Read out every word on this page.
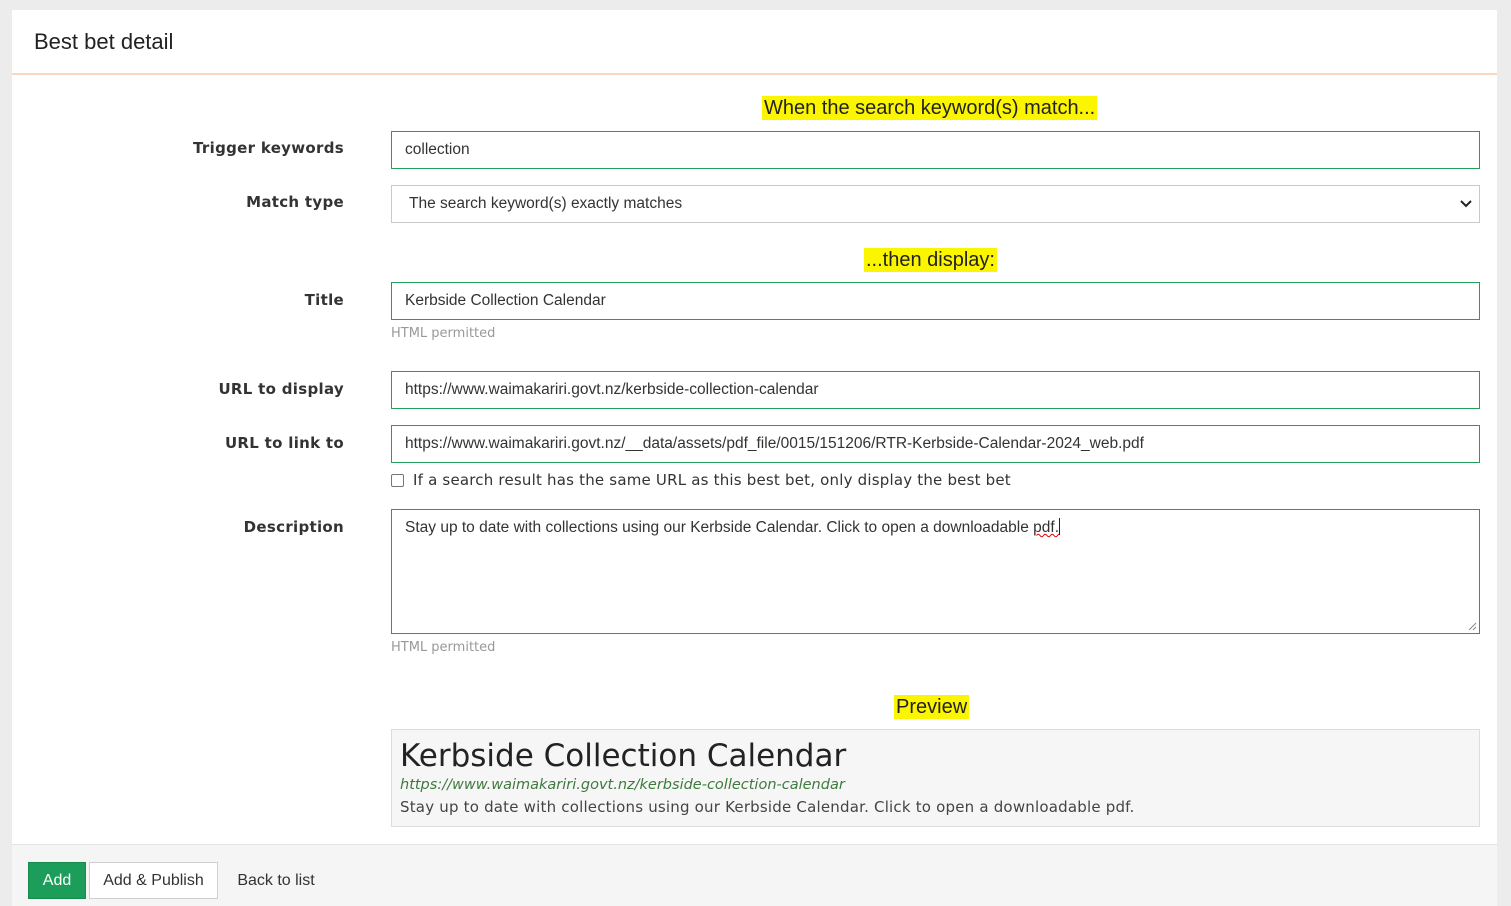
Best bet detail
When the search keyword(s) match...
Trigger keywords	collection
Match type	The search keyword(s) exactly matches
...then display:
Title	Kerbside Collection Calendar
HTML permitted
URL to display	https://www.waimakariri.govt.nz/kerbside-collection-calendar
URL to link to	https://www.waimakariri.govt.nz/__data/assets/pdf_file/0015/151206/RTR-Kerbside-Calendar-2024_web.pdf
If a search result has the same URL as this best bet, only display the best bet
Description	Stay up to date with collections using our Kerbside Calendar. Click to open a downloadable pdf.
HTML permitted
Preview
Kerbside Collection Calendar
https://www.waimakariri.govt.nz/kerbside-collection-calendar
Stay up to date with collections using our Kerbside Calendar. Click to open a downloadable pdf.
Add	Add & Publish	Back to list
